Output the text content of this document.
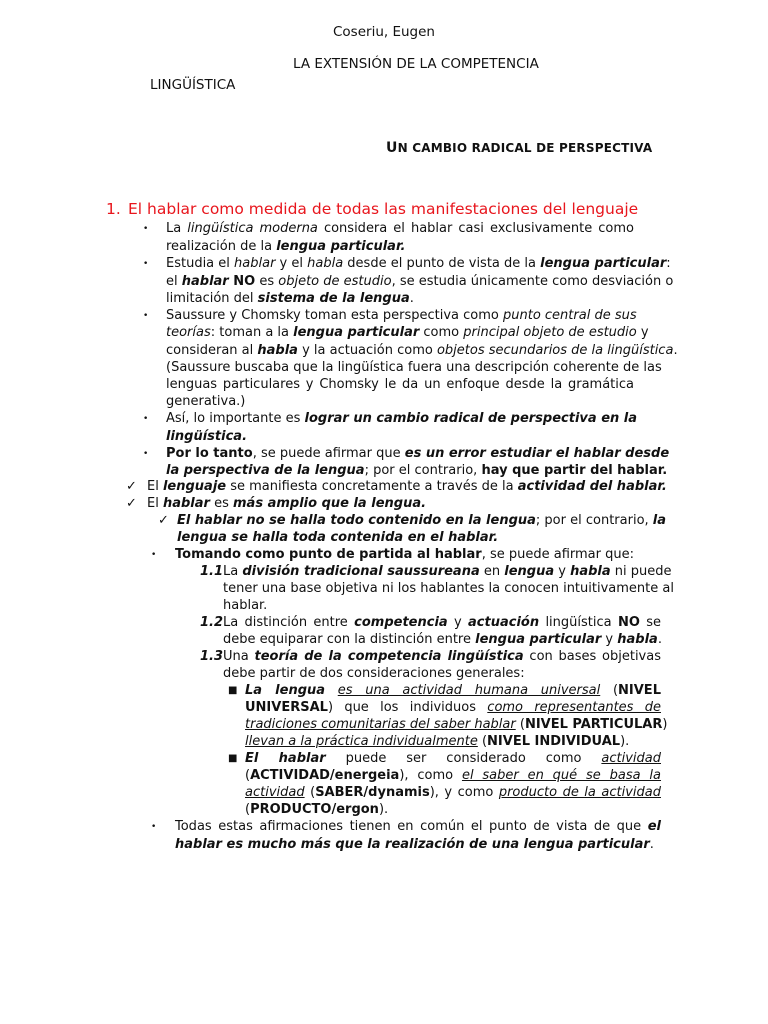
Coseriu, Eugen
LA EXTENSIÓN DE LA COMPETENCIA
LINGÜÍSTICA
UN CAMBIO RADICAL DE PERSPECTIVA
1. El hablar como medida de todas las manifestaciones del lenguaje
• La lingüística moderna considera el hablar casi exclusivamente como
realización de la lengua particular.
• Estudia el hablar y el habla desde el punto de vista de la lengua particular:
el hablar NO es objeto de estudio, se estudia únicamente como desviación o
limitación del sistema de la lengua.
• Saussure y Chomsky toman esta perspectiva como punto central de sus
teorías: toman a la lengua particular como principal objeto de estudio y
consideran al habla y la actuación como objetos secundarios de la lingüística.
(Saussure buscaba que la lingüística fuera una descripción coherente de las
lenguas particulares y Chomsky le da un enfoque desde la gramática
generativa.)
• Así, lo importante es lograr un cambio radical de perspectiva en la
lingüística.
• Por lo tanto, se puede afirmar que es un error estudiar el hablar desde
la perspectiva de la lengua; por el contrario, hay que partir del hablar.
✓ El lenguaje se manifiesta concretamente a través de la actividad del hablar.
✓ El hablar es más amplio que la lengua.
✓ El hablar no se halla todo contenido en la lengua; por el contrario, la
lengua se halla toda contenida en el hablar.
• Tomando como punto de partida al hablar, se puede afirmar que:
1.1 La división tradicional saussureana en lengua y habla ni puede
tener una base objetiva ni los hablantes la conocen intuitivamente al
hablar.
1.2 La distinción entre competencia y actuación lingüística NO se
debe equiparar con la distinción entre lengua particular y habla.
1.3 Una teoría de la competencia lingüística con bases objetivas
debe partir de dos consideraciones generales:
■ La lengua es una actividad humana universal (NIVEL
UNIVERSAL) que los individuos como representantes de
tradiciones comunitarias del saber hablar (NIVEL PARTICULAR)
llevan a la práctica individualmente (NIVEL INDIVIDUAL).
■ El hablar puede ser considerado como actividad
(ACTIVIDAD/energeia), como el saber en qué se basa la
actividad (SABER/dynamis), y como producto de la actividad
(PRODUCTO/ergon).
• Todas estas afirmaciones tienen en común el punto de vista de que el
hablar es mucho más que la realización de una lengua particular.
